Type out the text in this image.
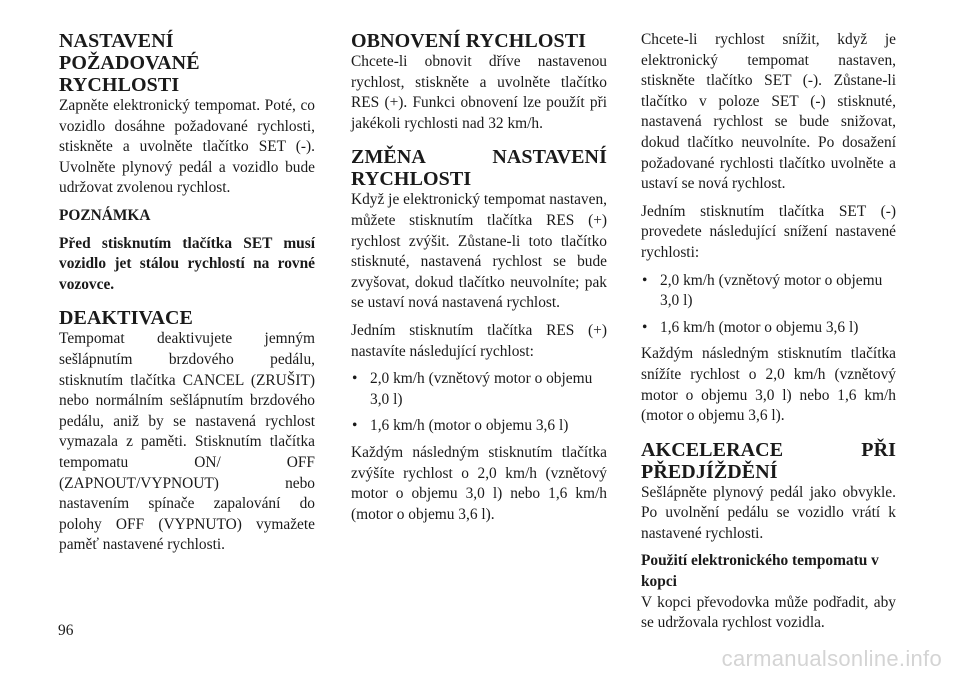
NASTAVENÍ POŽADOVANÉ RYCHLOSTI

Zapněte elektronický tempomat. Poté, co vozidlo dosáhne požadované rychlosti, stiskněte a uvolněte tlačítko SET (-). Uvolněte plynový pedál a vozidlo bude udržovat zvolenou rychlost.

POZNÁMKA
Před stisknutím tlačítka SET musí vozidlo jet stálou rychlostí na rovné vozovce.
DEAKTIVACE

Tempomat deaktivujete jemným sešlápnutím brzdového pedálu, stisknutím tlačítka CANCEL (ZRUŠIT) nebo normálním sešlápnutím brzdového pedálu, aniž by se nastavená rychlost vymazala z paměti. Stisknutím tlačítka tempomatu ON/ OFF (ZAPNOUT/VYPNOUT) nebo nastavením spínače zapalování do polohy OFF (VYPNUTO) vymažete paměť nastavené rychlosti.

OBNOVENÍ RYCHLOSTI

Chcete-li obnovit dříve nastavenou rychlost, stiskněte a uvolněte tlačítko RES (+). Funkci obnovení lze použít při jakékoli rychlosti nad 32 km/h.

ZMĚNA NASTAVENÍ RYCHLOSTI

Když je elektronický tempomat nastaven, můžete stisknutím tlačítka RES (+) rychlost zvýšit. Zůstane-li toto tlačítko stisknuté, nastavená rychlost se bude zvyšovat, dokud tlačítko neuvolníte; pak se ustaví nová nastavená rychlost.

Jedním stisknutím tlačítka RES (+) nastavíte následující rychlost:

• 2,0 km/h (vznětový motor o objemu 3,0 l)
• 1,6 km/h (motor o objemu 3,6 l)

Každým následným stisknutím tlačítka zvýšíte rychlost o 2,0 km/h (vznětový motor o objemu 3,0 l) nebo 1,6 km/h (motor o objemu 3,6 l).

Chcete-li rychlost snížit, když je elektronický tempomat nastaven, stiskněte tlačítko SET (-). Zůstane-li tlačítko v poloze SET (-) stisknuté, nastavená rychlost se bude snižovat, dokud tlačítko neuvolníte. Po dosažení požadované rychlosti tlačítko uvolněte a ustaví se nová rychlost.

Jedním stisknutím tlačítka SET (-) provedete následující snížení nastavené rychlosti:

• 2,0 km/h (vznětový motor o objemu 3,0 l)
• 1,6 km/h (motor o objemu 3,6 l)

Každým následným stisknutím tlačítka snížíte rychlost o 2,0 km/h (vznětový motor o objemu 3,0 l) nebo 1,6 km/h (motor o objemu 3,6 l).

AKCELERACE PŘI PŘEDJÍŽDĚNÍ

Sešlápněte plynový pedál jako obvykle. Po uvolnění pedálu se vozidlo vrátí k nastavené rychlosti.

Použití elektronického tempomatu v kopci

V kopci převodovka může podřadit, aby se udržovala rychlost vozidla.

96
carmanualsonline.info
